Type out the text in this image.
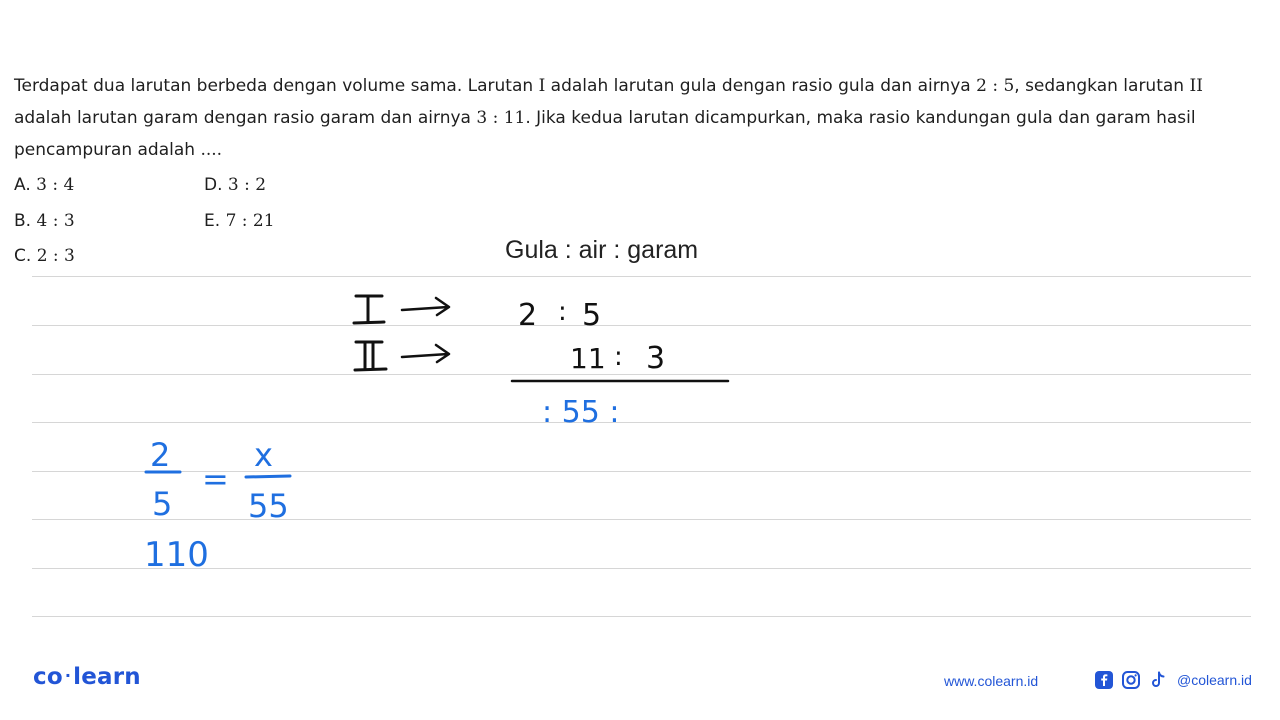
Terdapat dua larutan berbeda dengan volume sama. Larutan I adalah larutan gula dengan rasio gula dan airnya 2 : 5, sedangkan larutan II adalah larutan garam dengan rasio garam dan airnya 3 : 11. Jika kedua larutan dicampurkan, maka rasio kandungan gula dan garam hasil pencampuran adalah ....

A. 3 : 4
B. 4 : 3
C. 2 : 3
D. 3 : 2
E. 7 : 21
Gula : air : garam
2 : 5
11 : 3
: 55 :
2
5
=
x
55
110
co ·learn	www.colearn.id	@colearn.id
